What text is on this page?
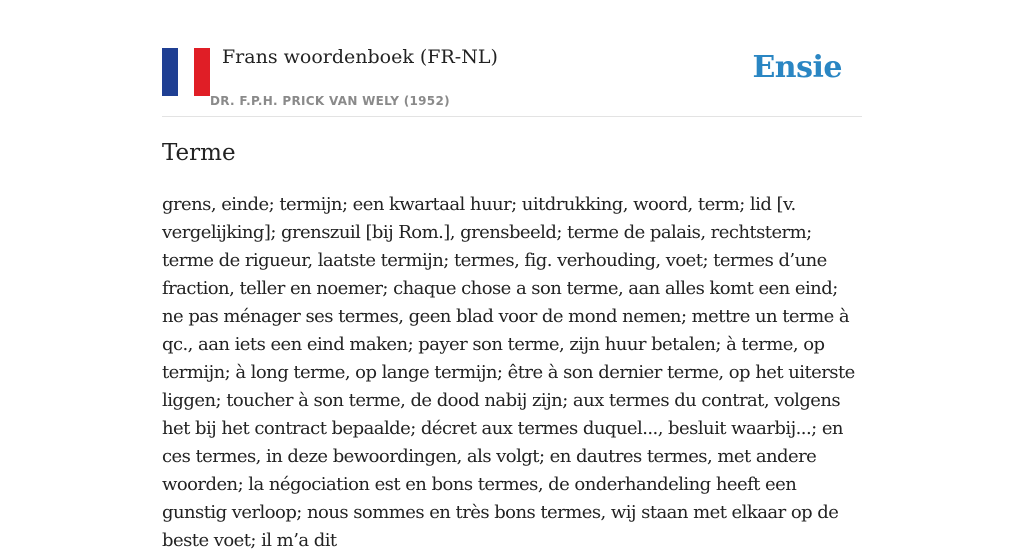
Frans woordenboek (FR-NL)
DR. F.P.H. PRICK VAN WELY (1952)
Ensie
Terme

grens, einde; termijn; een kwartaal huur; uitdrukking, woord, term; lid [v. vergelijking]; grenszuil [bij Rom.], grensbeeld; terme de palais, rechtsterm; terme de rigueur, laatste termijn; termes, fig. verhouding, voet; termes d’une fraction, teller en noemer; chaque chose a son terme, aan alles komt een eind; ne pas ménager ses termes, geen blad voor de mond nemen; mettre un terme à qc., aan iets een eind maken; payer son terme, zijn huur betalen; à terme, op termijn; à long terme, op lange termijn; être à son dernier terme, op het uiterste liggen; toucher à son terme, de dood nabij zijn; aux termes du contrat, volgens het bij het contract bepaalde; décret aux termes duquel..., besluit waarbij...; en ces termes, in deze bewoordingen, als volgt; en dautres termes, met andere woorden; la négociation est en bons termes, de onderhandeling heeft een gunstig verloop; nous sommes en très bons termes, wij staan met elkaar op de beste voet; il m’a dit
